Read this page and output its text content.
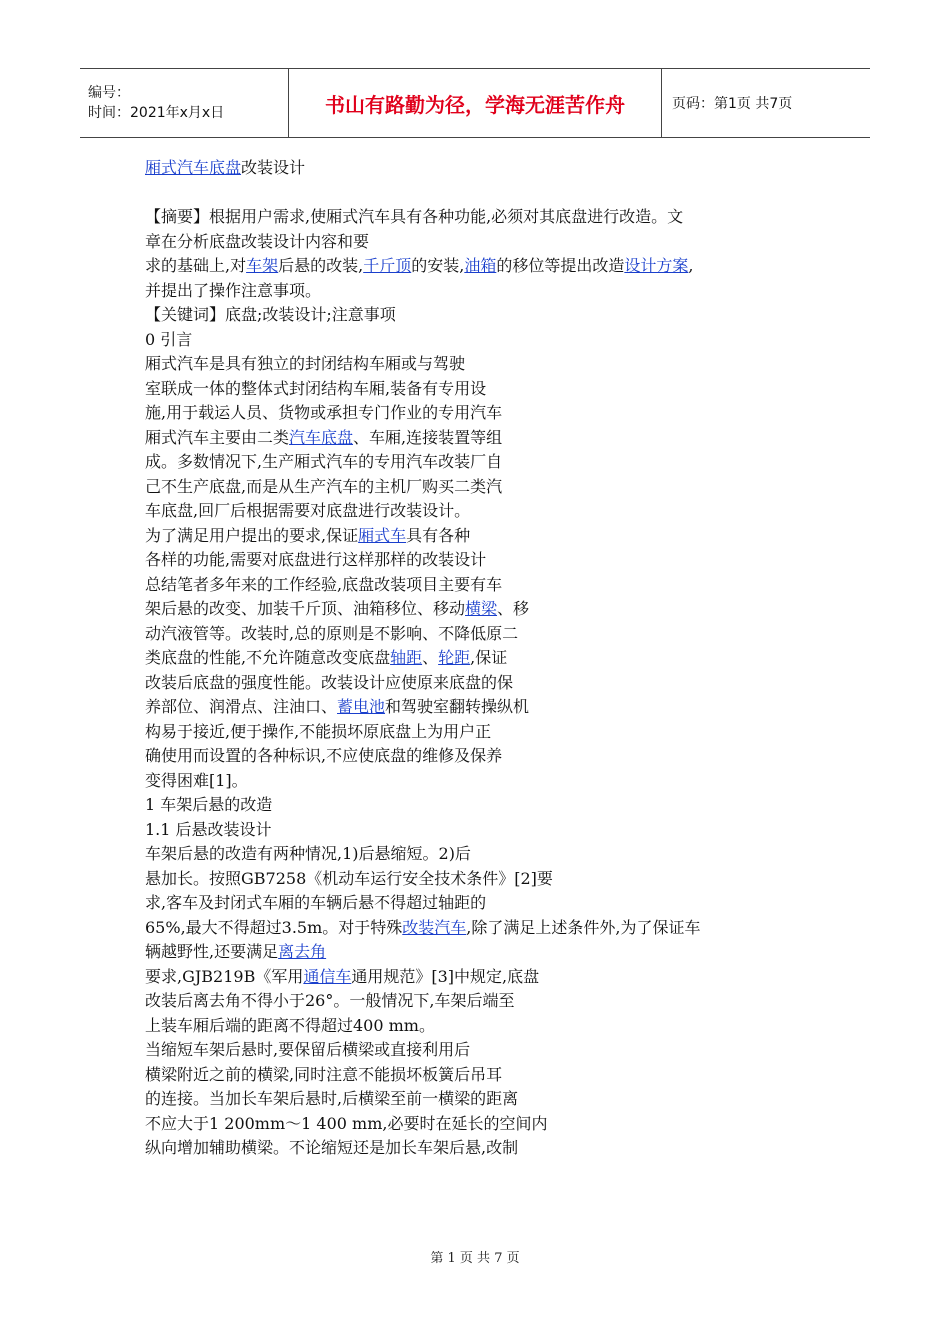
编号：
时间：2021年x月x日	书山有路勤为径，学海无涯苦作舟	页码：第1页 共7页

厢式汽车底盘改装设计

【摘要】根据用户需求,使厢式汽车具有各种功能,必须对其底盘进行改造。文

章在分析底盘改装设计内容和要

求的基础上,对车架后悬的改装,千斤顶的安装,油箱的移位等提出改造设计方案,

并提出了操作注意事项。

【关键词】底盘;改装设计;注意事项

0 引言

厢式汽车是具有独立的封闭结构车厢或与驾驶

室联成一体的整体式封闭结构车厢,装备有专用设

施,用于载运人员、货物或承担专门作业的专用汽车

厢式汽车主要由二类汽车底盘、车厢,连接装置等组

成。多数情况下,生产厢式汽车的专用汽车改装厂自

己不生产底盘,而是从生产汽车的主机厂购买二类汽

车底盘,回厂后根据需要对底盘进行改装设计。

为了满足用户提出的要求,保证厢式车具有各种

各样的功能,需要对底盘进行这样那样的改装设计

总结笔者多年来的工作经验,底盘改装项目主要有车

架后悬的改变、加装千斤顶、油箱移位、移动横梁、移

动汽液管等。改装时,总的原则是不影响、不降低原二

类底盘的性能,不允许随意改变底盘轴距、轮距,保证

改装后底盘的强度性能。改装设计应使原来底盘的保

养部位、润滑点、注油口、蓄电池和驾驶室翻转操纵机

构易于接近,便于操作,不能损坏原底盘上为用户正

确使用而设置的各种标识,不应使底盘的维修及保养

变得困难[1]。

1 车架后悬的改造

1.1 后悬改装设计

车架后悬的改造有两种情况,1)后悬缩短。2)后

悬加长。按照GB7258《机动车运行安全技术条件》[2]要

求,客车及封闭式车厢的车辆后悬不得超过轴距的

65%,最大不得超过3.5m。对于特殊改装汽车,除了满足上述条件外,为了保证车

辆越野性,还要满足离去角

要求,GJB219B《军用通信车通用规范》[3]中规定,底盘

改装后离去角不得小于26°。一般情况下,车架后端至

上装车厢后端的距离不得超过400 mm。

当缩短车架后悬时,要保留后横梁或直接利用后

横梁附近之前的横梁,同时注意不能损坏板簧后吊耳

的连接。当加长车架后悬时,后横梁至前一横梁的距离

不应大于1 200mm～1 400 mm,必要时在延长的空间内

纵向增加辅助横梁。不论缩短还是加长车架后悬,改制

第 1 页 共 7 页
